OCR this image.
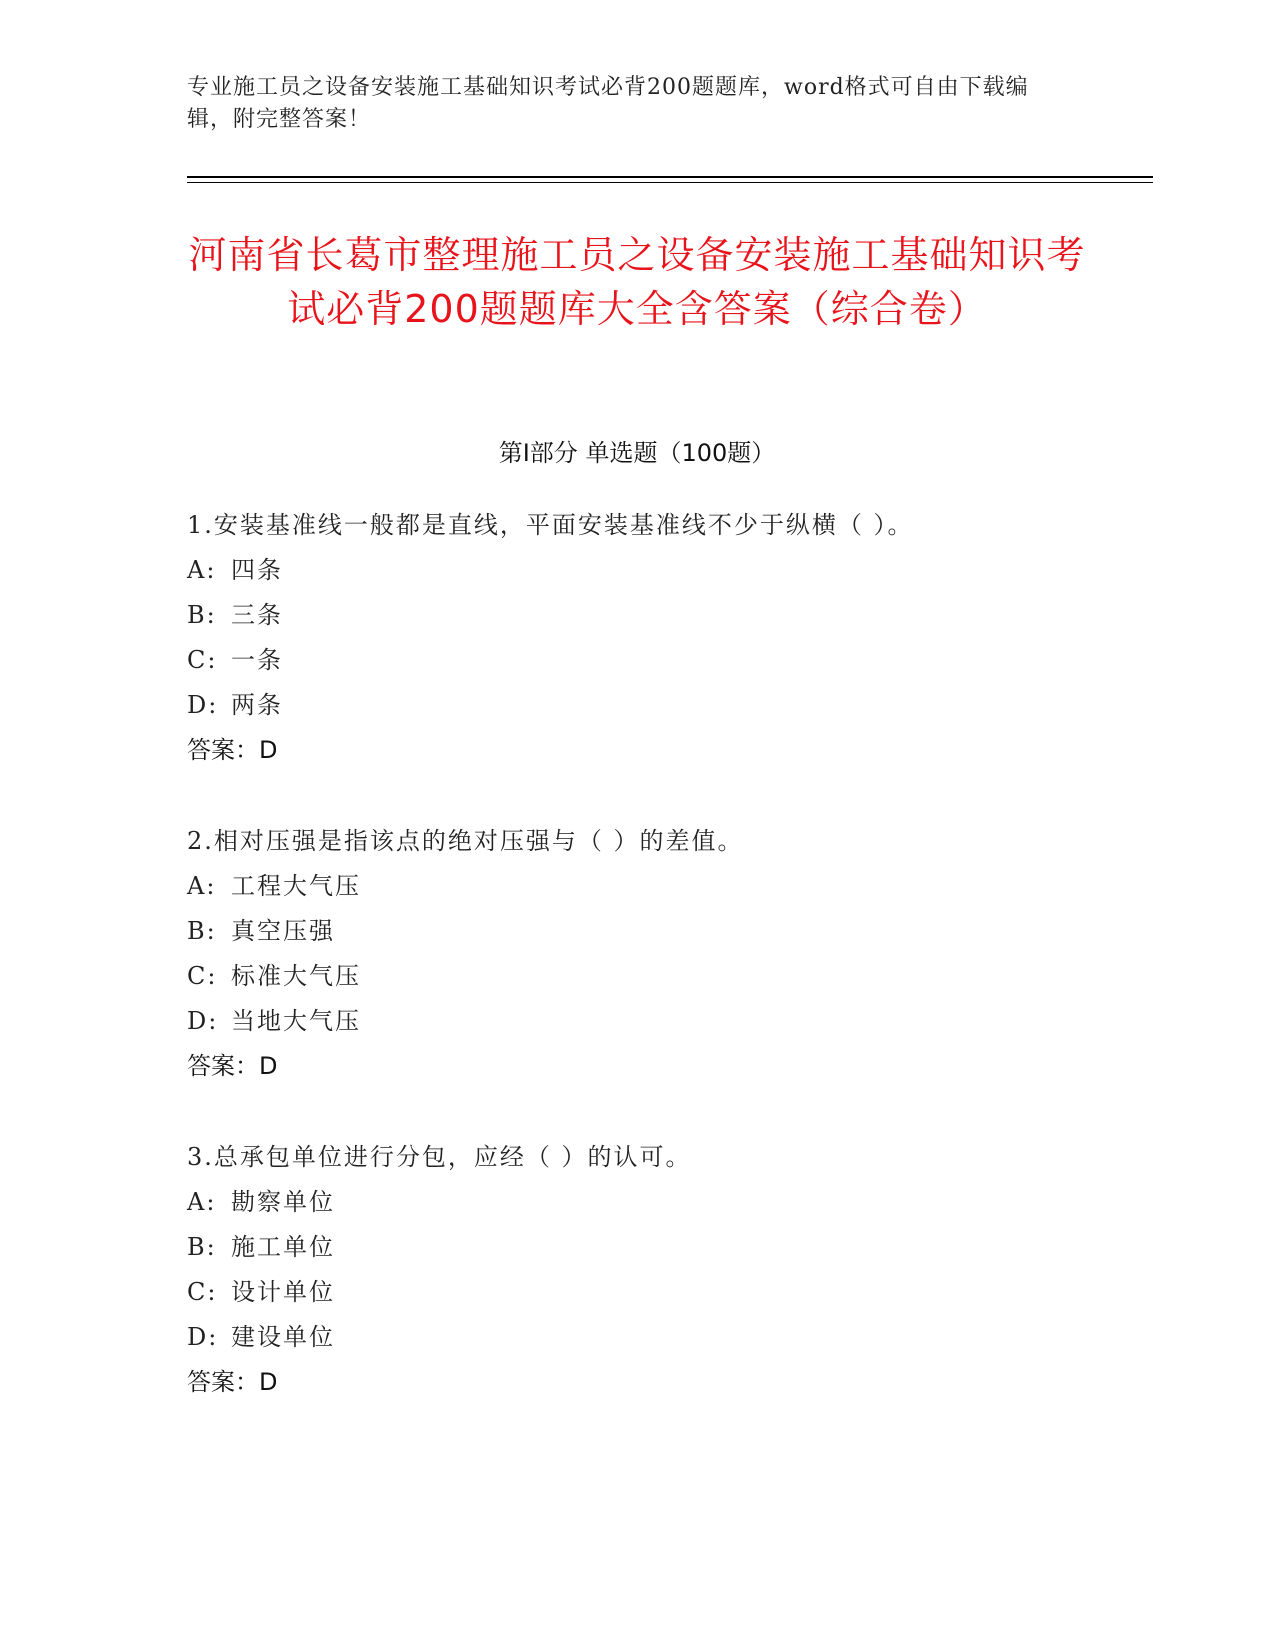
专业施工员之设备安装施工基础知识考试必背200题题库，word格式可自由下载编辑，附完整答案！
河南省长葛市整理施工员之设备安装施工基础知识考试必背200题题库大全含答案（综合卷）
第Ⅰ部分 单选题（100题）
1.安装基准线一般都是直线，平面安装基准线不少于纵横（ ）。
A: 四条
B: 三条
C: 一条
D: 两条
答案：D
2.相对压强是指该点的绝对压强与（ ）的差值。
A: 工程大气压
B: 真空压强
C: 标准大气压
D: 当地大气压
答案：D
3.总承包单位进行分包，应经（ ）的认可。
A: 勘察单位
B: 施工单位
C: 设计单位
D: 建设单位
答案：D
